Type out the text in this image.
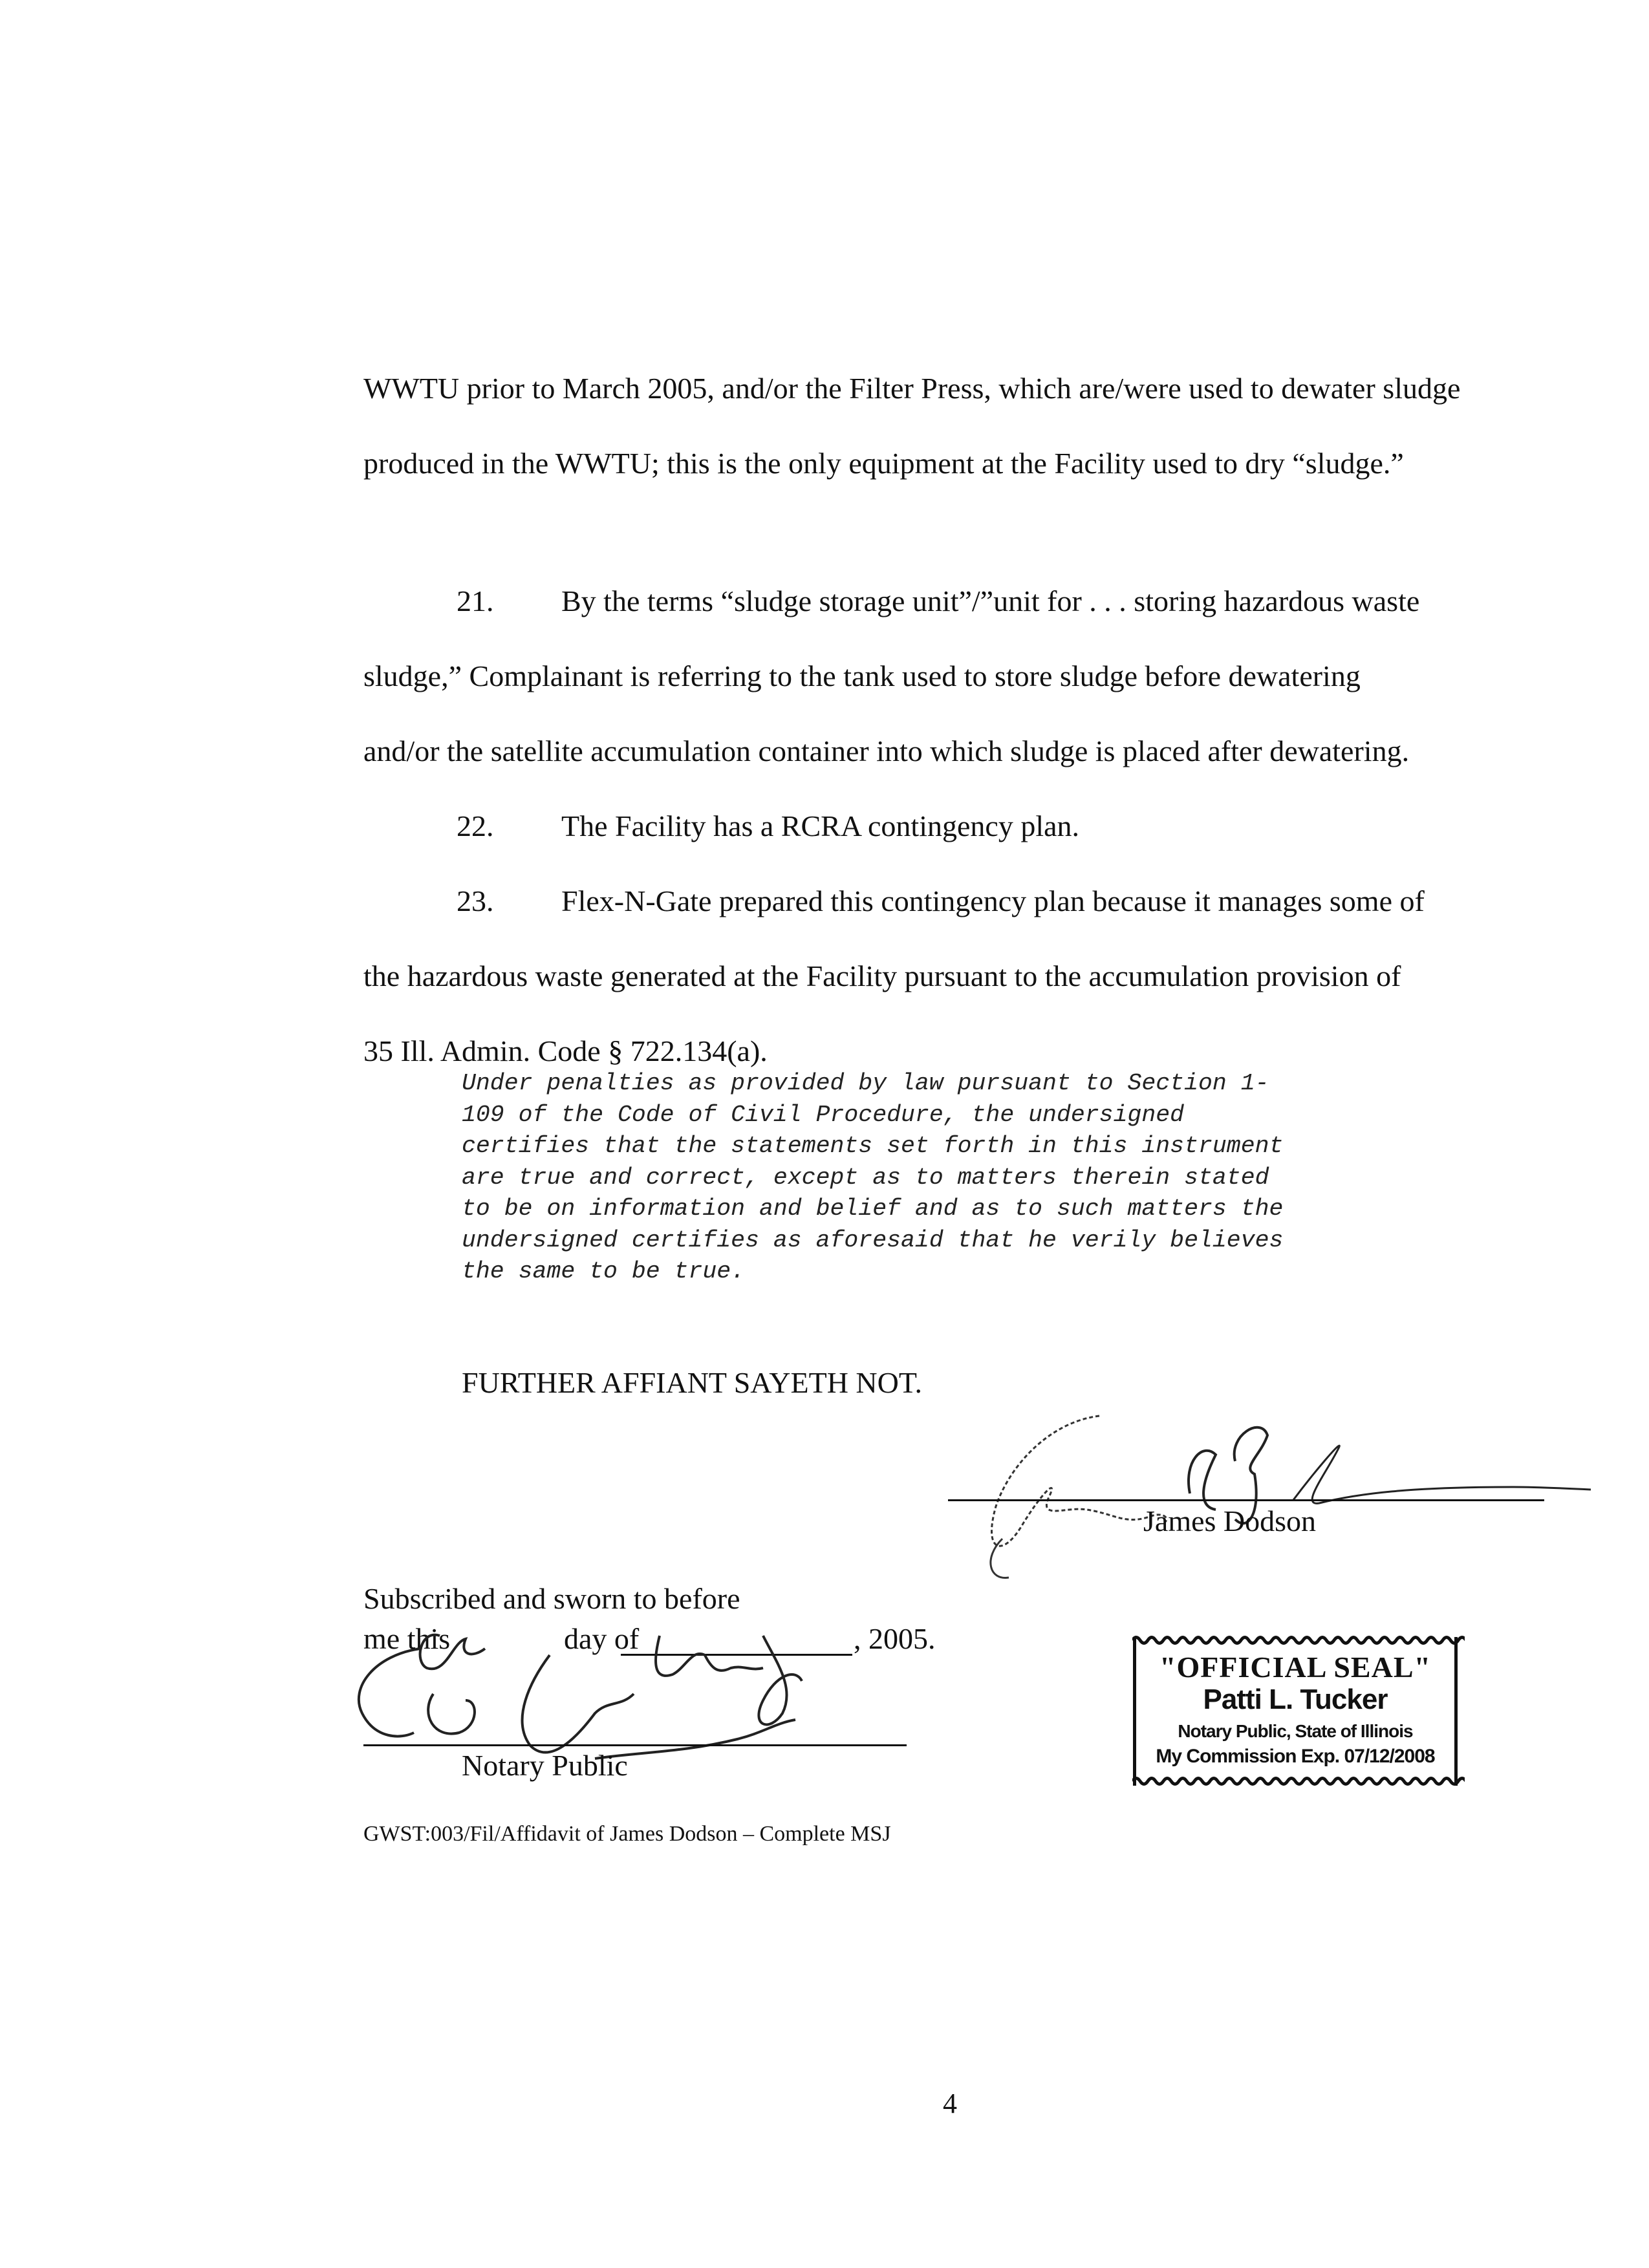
WWTU prior to March 2005, and/or the Filter Press, which are/were used to dewater sludge produced in the WWTU; this is the only equipment at the Facility used to dry “sludge.”

21. By the terms “sludge storage unit”/”unit for . . . storing hazardous waste
sludge,” Complainant is referring to the tank used to store sludge before dewatering
and/or the satellite accumulation container into which sludge is placed after dewatering.
22. The Facility has a RCRA contingency plan.
23. Flex-N-Gate prepared this contingency plan because it manages some of
the hazardous waste generated at the Facility pursuant to the accumulation provision of
35 Ill. Admin. Code § 722.134(a).
Under penalties as provided by law pursuant to Section 1-
109 of the Code of Civil Procedure, the undersigned
certifies that the statements set forth in this instrument
are true and correct, except as to matters therein stated
to be on information and belief and as to such matters the
undersigned certifies as aforesaid that he verily believes
the same to be true.
FURTHER AFFIANT SAYETH NOT.
James Dodson
Subscribed and sworn to before
me this	day of	, 2005.
Notary Public
"OFFICIAL SEAL"
Patti L. Tucker
Notary Public, State of Illinois
My Commission Exp. 07/12/2008
GWST:003/Fil/Affidavit of James Dodson – Complete MSJ
4
